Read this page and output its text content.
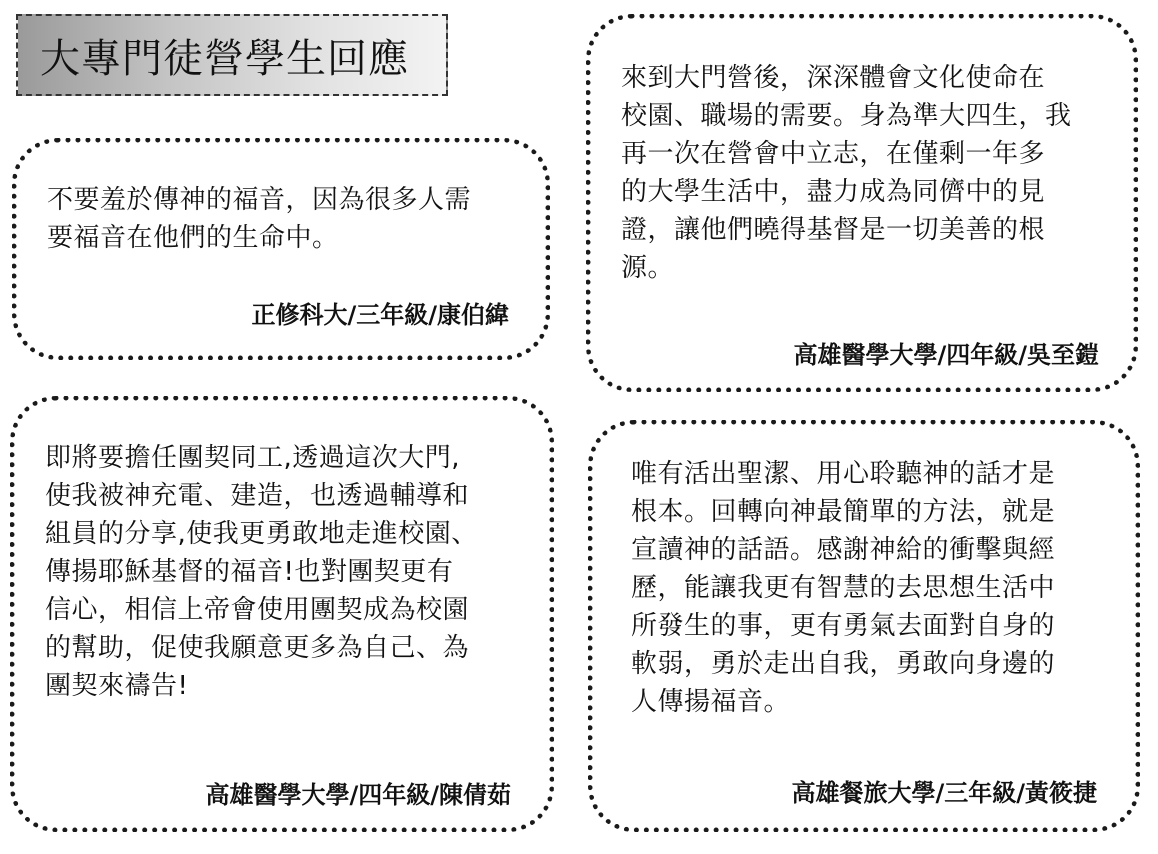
大專門徒營學生回應
不要羞於傳神的福音，因為很多人需
要福音在他們的生命中。
正修科大/三年級/康伯緯
來到大門營後，深深體會文化使命在
校園、職場的需要。身為準大四生，我
再一次在營會中立志，在僅剩一年多
的大學生活中，盡力成為同儕中的見
證，讓他們曉得基督是一切美善的根
源。
高雄醫學大學/四年級/吳至鎧
即將要擔任團契同工,透過這次大門,
使我被神充電、建造，也透過輔導和
組員的分享,使我更勇敢地走進校園、
傳揚耶穌基督的福音!也對團契更有
信心，相信上帝會使用團契成為校園
的幫助，促使我願意更多為自己、為
團契來禱告!
高雄醫學大學/四年級/陳倩茹
唯有活出聖潔、用心聆聽神的話才是
根本。回轉向神最簡單的方法，就是
宣讀神的話語。感謝神給的衝擊與經
歷，能讓我更有智慧的去思想生活中
所發生的事，更有勇氣去面對自身的
軟弱，勇於走出自我，勇敢向身邊的
人傳揚福音。
高雄餐旅大學/三年級/黃筱捷
